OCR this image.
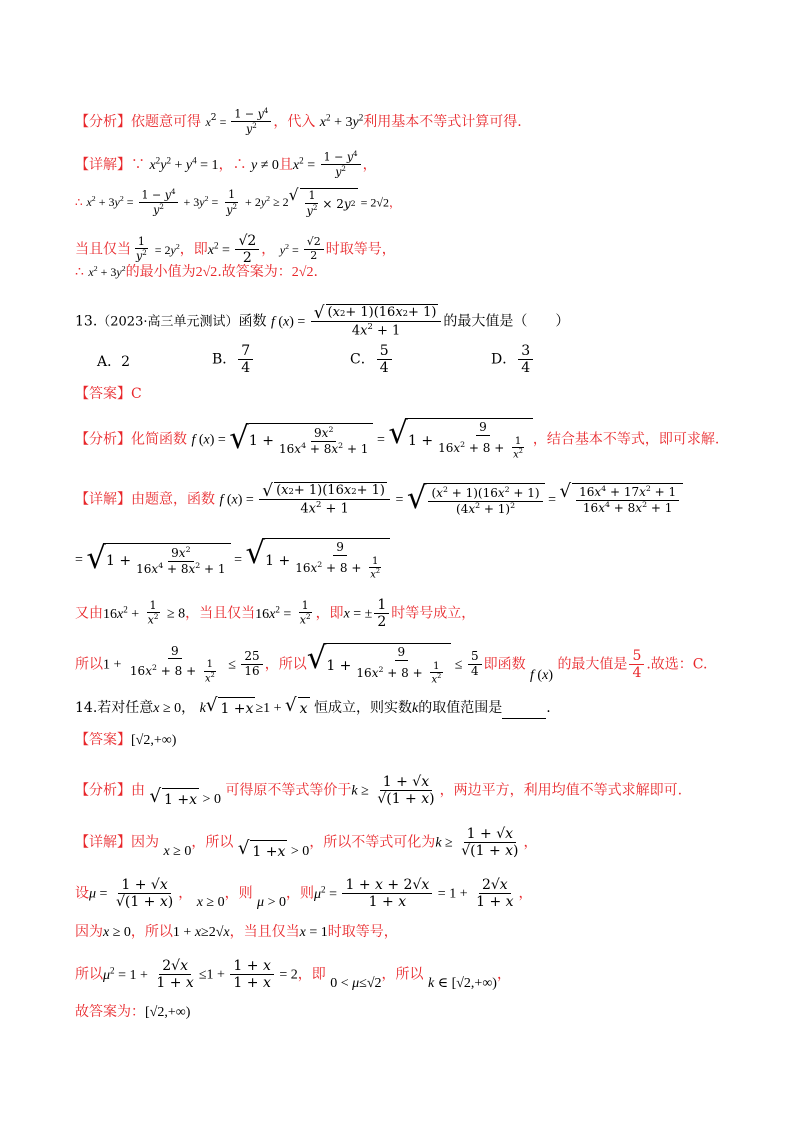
【分析】依题意可得 $x^2 = \frac{1 - y^4}{y^2}$ ，代入 $x^2 + 3y^2$利用基本不等式计算可得.
【详解】∵ $x^2y^2 + y^4 = 1$，∴ y ≠ 0且$x^2 = \frac{1 - y^4}{y^2}$ ，
∴ $x^2 + 3y^2 = \frac{1 - y^4}{y^2} + 3y^2 = \frac{1}{y^2} + 2y^2 \ge 2$ √ $\frac{1}{y^2} \times 2$ y 2 = 2√2，
当且仅当 $\frac{1}{y^2} = 2y^2$，即$x^2 = \frac{√2}{2}$ ， $y^2 = \frac{√2}{2}$ 时取等号，
∴ $x^2 + 3y^2$的最小值为2√2.故答案为：2√2.
13.（2023·高三单元测试）函数 f $(x) = \frac{√ ( x 2 + 1)(16 x 2 + 1)}{4x^2 + 1}$ 的最大值是（　　）
A．2	B． $\frac{7}{4}$	C． $\frac{5}{4}$	D． $\frac{3}{4}$
【答案】C
【分析】化简函数 f (x) = √ $1 + \frac{9x^2}{16x^4 + 8x^2 + 1}$ = √ $1 + \frac{9}{16x^2 + 8 + \frac{1}{x^2}}$ ，结合基本不等式，即可求解.
【详解】由题意，函数 f $(x) = \frac{√ ( x 2 + 1)(16 x 2 + 1)}{4x^2 + 1}$ = √ $\frac{(x^2 + 1)(16x^2 + 1)}{(4x^2 + 1)^2}$ = √ $\frac{16x^4 + 17x^2 + 1}{16x^4 + 8x^2 + 1}$
= √ $1 + \frac{9x^2}{16x^4 + 8x^2 + 1}$ = √ $1 + \frac{9}{16x^2 + 8 + \frac{1}{x^2}}$
又由$16x^2 + \frac{1}{x^2} \ge 8$，当且仅当$16x^2 = \frac{1}{x^2}$ ，即x = ± $\frac{1}{2}$ 时等号成立，
所以$1 + \frac{9}{16x^2 + 8 + \frac{1}{x^2}} \le \frac{25}{16}$ ，所以 √ $1 + \frac{9}{16x^2 + 8 + \frac{1}{x^2}} \le \frac{5}{4}$ 即函数 f (x) 的最大值是 $\frac{5}{4}$ .故选：C.
14.若对任意x ≥ 0， k √ 1 + x ≥1 + √ x 恒成立，则实数k的取值范围是	.
【答案】[√2,+∞)
【分析】由 √ 1 + x > 0 可得原不等式等价于$k \ge \frac{1 + √x}{√(1 + x)}$ ，两边平方，利用均值不等式求解即可.
【详解】因为 x ≥ 0，所以 √ 1 + x > 0，所以不等式可化为$k \ge \frac{1 + √x}{√(1 + x)}$ ，
设$\mu = \frac{1 + √x}{√(1 + x)}$ ， x ≥ 0，则 μ > 0，则$\mu^2 = \frac{1 + x + 2√x}{1 + x} = 1 + \frac{2√x}{1 + x}$ ，
因为x ≥ 0，所以1 + x≥2√x，当且仅当x = 1时取等号，
所以$\mu^2 = 1 + \frac{2√x}{1 + x} \le 1 + \frac{1 + x}{1 + x} = 2$，即 0 < μ≤√2，所以 k ∈ [√2,+∞)，
故答案为：[√2,+∞)
